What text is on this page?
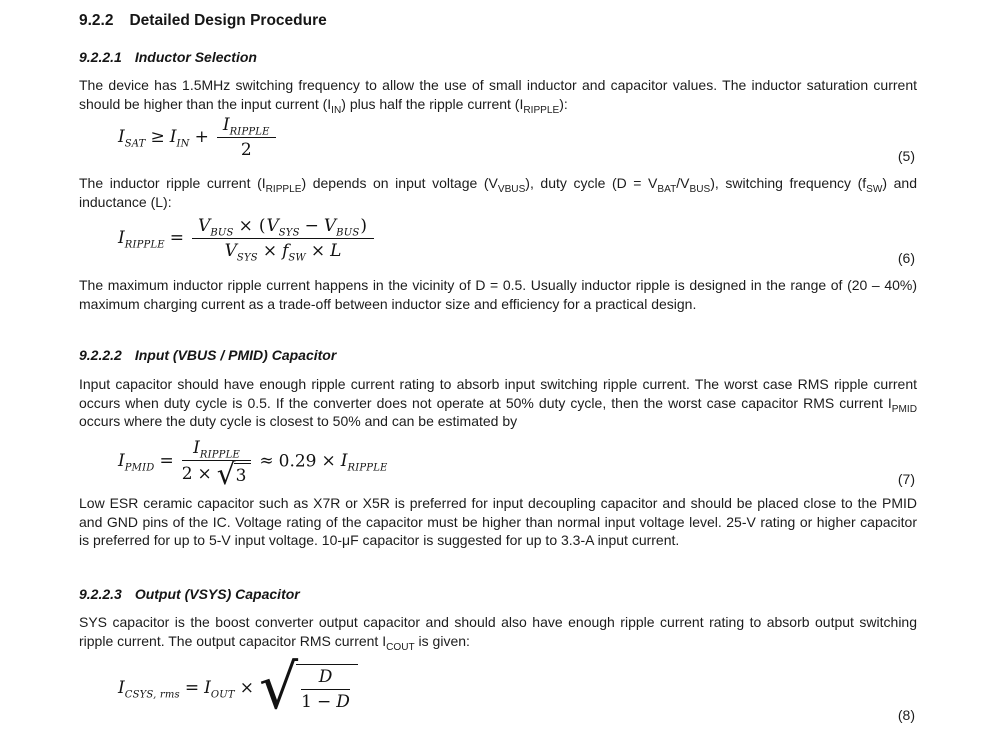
9.2.2 Detailed Design Procedure
9.2.2.1 Inductor Selection

The device has 1.5MHz switching frequency to allow the use of small inductor and capacitor values. The inductor saturation current should be higher than the input current $(I_{IN})$ plus half the ripple current $(I_{RIPPLE})$:

$I_{SAT} \ge I_{IN} + \frac{I_{RIPPLE}}{2}$	(5)

The inductor ripple current $(I_{RIPPLE})$ depends on input voltage $(V_{VBUS})$, duty cycle $(D = V_{BAT}/V_{BUS})$, switching frequency $(f_{SW})$ and inductance (L):

$I_{RIPPLE} = \frac{V_{BUS} \times (V_{SYS} - V_{BUS})}{V_{SYS} \times f_{SW} \times L}$	(6)

The maximum inductor ripple current happens in the vicinity of D = 0.5. Usually inductor ripple is designed in the range of (20 – 40%) maximum charging current as a trade-off between inductor size and efficiency for a practical design.

9.2.2.2 Input (VBUS / PMID) Capacitor

Input capacitor should have enough ripple current rating to absorb input switching ripple current. The worst case RMS ripple current occurs when duty cycle is 0.5. If the converter does not operate at 50% duty cycle, then the worst case capacitor RMS current $I_{PMID}$ occurs where the duty cycle is closest to 50% and can be estimated by

$I_{PMID} = \frac{I_{RIPPLE}}{2 \times √ 3} \approx 0.29 \times I_{RIPPLE}$
(7)

Low ESR ceramic capacitor such as X7R or X5R is preferred for input decoupling capacitor and should be placed close to the PMID and GND pins of the IC. Voltage rating of the capacitor must be higher than normal input voltage level. 25-V rating or higher capacitor is preferred for up to 5-V input voltage. 10-μF capacitor is suggested for up to 3.3-A input current.

9.2.2.3 Output (VSYS) Capacitor

SYS capacitor is the boost converter output capacitor and should also have enough ripple current rating to absorb output switching ripple current. The output capacitor RMS current $I_{COUT}$ is given:

$I_{CSYS, rms} = I_{OUT}$ × √ $\frac{D}{1 - D}$
(8)
